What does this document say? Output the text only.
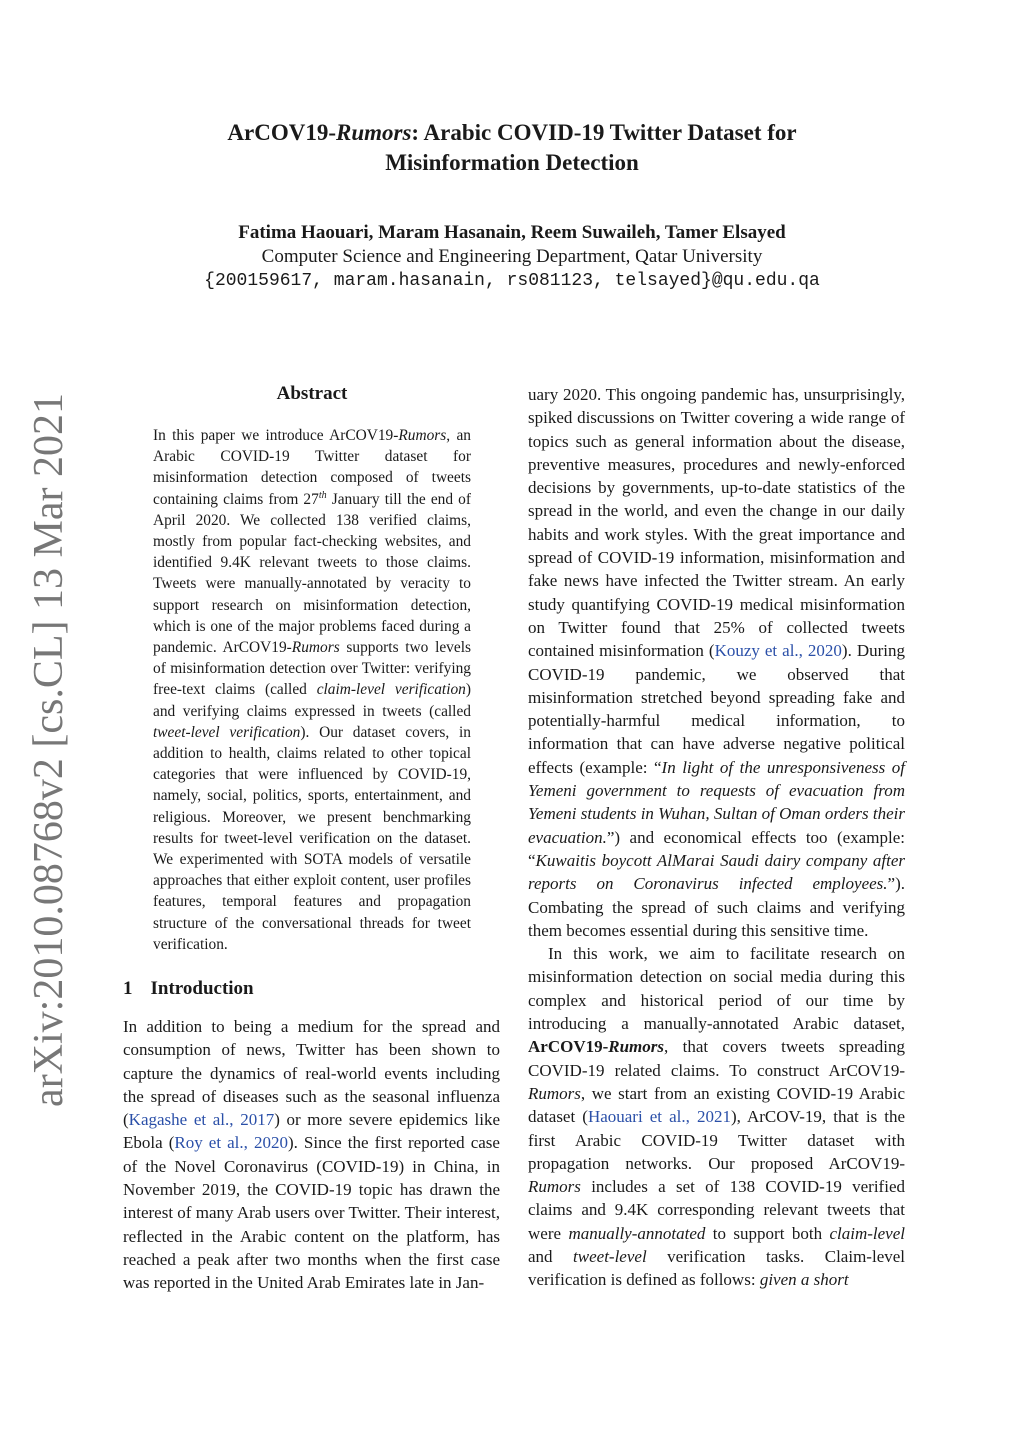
arXiv:2010.08768v2 [cs.CL] 13 Mar 2021
ArCOV19-Rumors: Arabic COVID-19 Twitter Dataset for
Misinformation Detection
Fatima Haouari, Maram Hasanain, Reem Suwaileh, Tamer Elsayed
Computer Science and Engineering Department, Qatar University
{200159617, maram.hasanain, rs081123, telsayed}@qu.edu.qa
Abstract
In this paper we introduce ArCOV19-Rumors, an Arabic COVID-19 Twitter dataset for misinformation detection composed of tweets containing claims from 27th January till the end of April 2020. We collected 138 verified claims, mostly from popular fact-checking websites, and identified 9.4K relevant tweets to those claims. Tweets were manually-annotated by veracity to support research on misinformation detection, which is one of the major problems faced during a pandemic. ArCOV19-Rumors supports two levels of misinformation detection over Twitter: verifying free-text claims (called claim-level verification) and verifying claims expressed in tweets (called tweet-level verification). Our dataset covers, in addition to health, claims related to other topical categories that were influenced by COVID-19, namely, social, politics, sports, entertainment, and religious. Moreover, we present benchmarking results for tweet-level verification on the dataset. We experimented with SOTA models of versatile approaches that either exploit content, user profiles features, temporal features and propagation structure of the conversational threads for tweet verification.
1 Introduction

In addition to being a medium for the spread and consumption of news, Twitter has been shown to capture the dynamics of real-world events including the spread of diseases such as the seasonal influenza (Kagashe et al., 2017) or more severe epidemics like Ebola (Roy et al., 2020). Since the first reported case of the Novel Coronavirus (COVID-19) in China, in November 2019, the COVID-19 topic has drawn the interest of many Arab users over Twitter. Their interest, reflected in the Arabic content on the platform, has reached a peak after two months when the first case was reported in the United Arab Emirates late in Jan-

uary 2020. This ongoing pandemic has, unsurprisingly, spiked discussions on Twitter covering a wide range of topics such as general information about the disease, preventive measures, procedures and newly-enforced decisions by governments, up-to-date statistics of the spread in the world, and even the change in our daily habits and work styles. With the great importance and spread of COVID-19 information, misinformation and fake news have infected the Twitter stream. An early study quantifying COVID-19 medical misinformation on Twitter found that 25% of collected tweets contained misinformation (Kouzy et al., 2020). During COVID-19 pandemic, we observed that misinformation stretched beyond spreading fake and potentially-harmful medical information, to information that can have adverse negative political effects (example: “In light of the unresponsiveness of Yemeni government to requests of evacuation from Yemeni students in Wuhan, Sultan of Oman orders their evacuation.”) and economical effects too (example: “Kuwaitis boycott AlMarai Saudi dairy company after reports on Coronavirus infected employees.”). Combating the spread of such claims and verifying them becomes essential during this sensitive time.

In this work, we aim to facilitate research on misinformation detection on social media during this complex and historical period of our time by introducing a manually-annotated Arabic dataset, ArCOV19-Rumors, that covers tweets spreading COVID-19 related claims. To construct ArCOV19-Rumors, we start from an existing COVID-19 Arabic dataset (Haouari et al., 2021), ArCOV-19, that is the first Arabic COVID-19 Twitter dataset with propagation networks. Our proposed ArCOV19-Rumors includes a set of 138 COVID-19 verified claims and 9.4K corresponding relevant tweets that were manually-annotated to support both claim-level and tweet-level verification tasks. Claim-level verification is defined as follows: given a short
